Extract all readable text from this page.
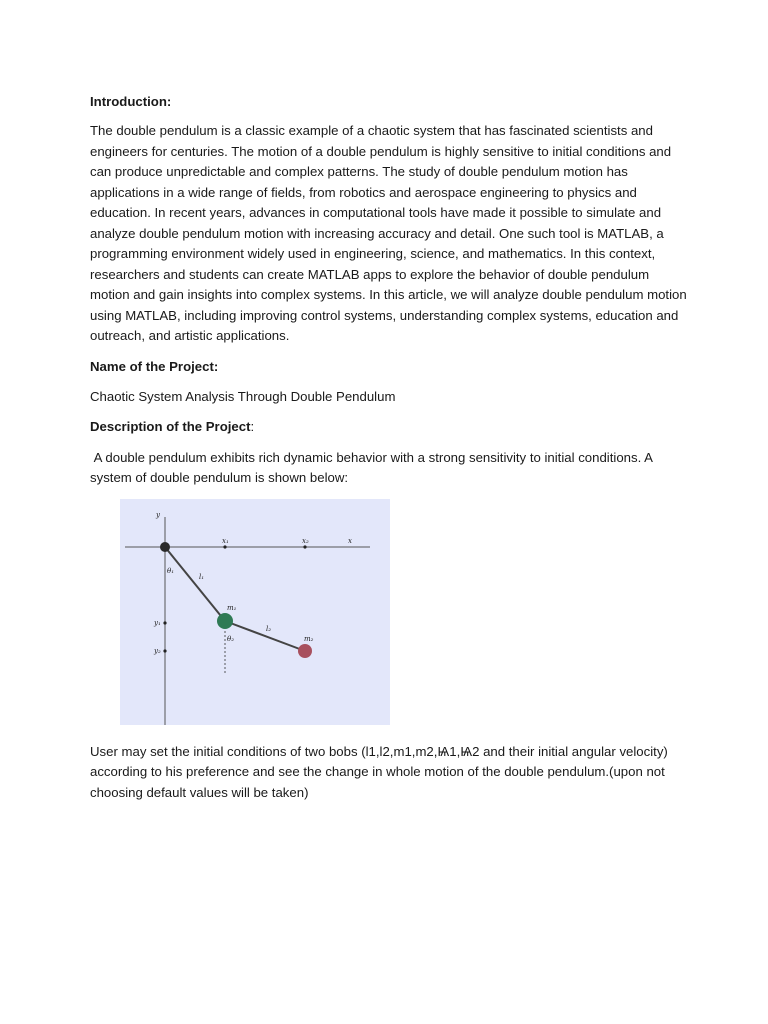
Introduction:

The double pendulum is a classic example of a chaotic system that has fascinated scientists and engineers for centuries. The motion of a double pendulum is highly sensitive to initial conditions and can produce unpredictable and complex patterns. The study of double pendulum motion has applications in a wide range of fields, from robotics and aerospace engineering to physics and education. In recent years, advances in computational tools have made it possible to simulate and analyze double pendulum motion with increasing accuracy and detail. One such tool is MATLAB, a programming environment widely used in engineering, science, and mathematics. In this context, researchers and students can create MATLAB apps to explore the behavior of double pendulum motion and gain insights into complex systems. In this article, we will analyze double pendulum motion using MATLAB, including improving control systems, understanding complex systems, education and outreach, and artistic applications.

Name of the Project:

Chaotic System Analysis Through Double Pendulum

Description of the Project:

A double pendulum exhibits rich dynamic behavior with a strong sensitivity to initial conditions. A system of double pendulum is shown below:

y
x
x₁	x₂
y₁
y₂
θ₁
l₁
m₁
θ₂
l₂
m₂

User may set the initial conditions of two bobs (l1,l2,m1,m2,Ѩ1,Ѩ2 and their initial angular velocity) according to his preference and see the change in whole motion of the double pendulum.(upon not choosing default values will be taken)
